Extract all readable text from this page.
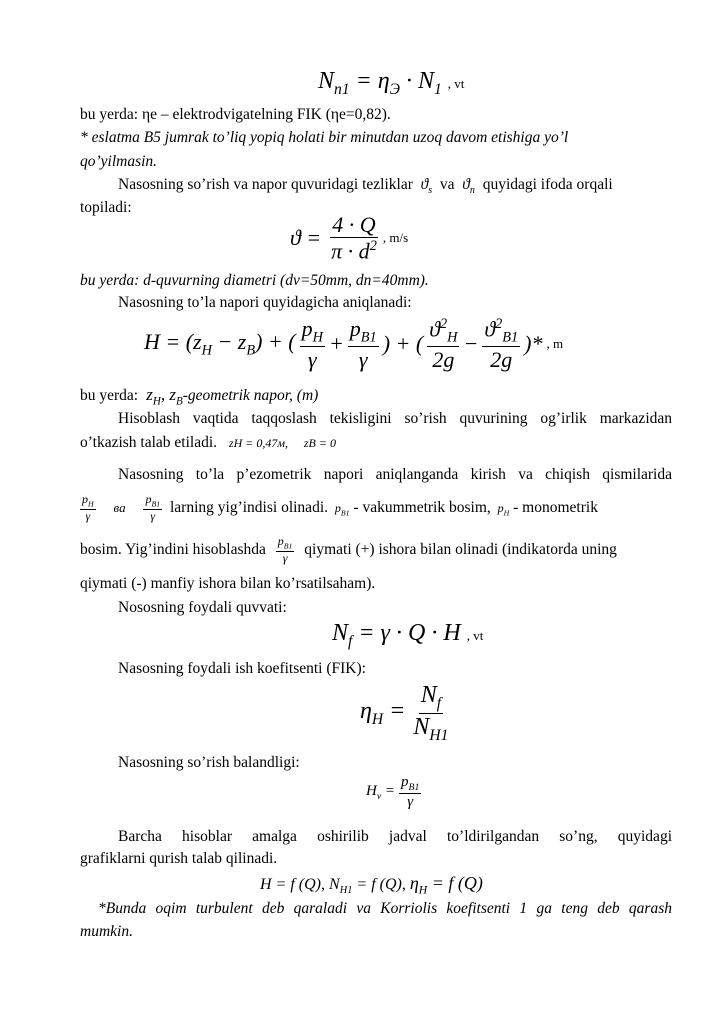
$N_{n1} = \eta_Э \cdot N_1$ , vt
bu yerda: ηe – elektrodvigatelning FIK (ηe=0,82).
* eslatma B5 jumrak to’liq yopiq holati bir minutdan uzoq davom etishiga yo’l
qo’yilmasin.
Nasosning so’rish va napor quvuridagi tezliklar  $ϑ_s$ va  $ϑ_n$ quyidagi ifoda orqali
topiladi:
$ϑ = \frac{4 \cdot Q}{\pi \cdot d^2}$ , m/s
bu yerda: d-quvurning diametri (dv=50mm, dn=40mm).
Nasosning to’la napori quyidagicha aniqlanadi:
$H = (z_H - z_B)$ + ( $\frac{p_H}{\gamma} + \frac{p_{B1}}{\gamma}$ ) + ( $\frac{ϑ^2_H}{2g} - \frac{ϑ^2_{B1}}{2g}$ )* , m
bu yerda:  $z_H$, $z_B$-geometrik napor, (m)
Hisoblash vaqtida taqqoslash tekisligini so’rish quvurining og’irlik markazidan
o’tkazish talab etiladi. zН = 0,47м, zВ = 0
Nasosning to’la p’ezometrik napori aniqlanganda kirish va chiqish qismilarida
$\frac{p_H}{\gamma}$ ва $\frac{p_{B1}}{\gamma}$ larning yig’indisi olinadi.  $p_{B1}$ - vakummetrik bosim,  $p_H$ - monometrik
bosim. Yig’indini hisoblashda $\frac{p_{B1}}{\gamma}$ qiymati (+) ishora bilan olinadi (indikatorda uning
qiymati (-) manfiy ishora bilan ko’rsatilsaham).
Nososning foydali quvvati:
$N_f = \gamma \cdot Q \cdot H$ , vt
Nasosning foydali ish koefitsenti (FIK):
$\eta_H = \frac{N_f}{N_{H1}}$
Nasosning so’rish balandligi:
$H_v = \frac{p_{B1}}{\gamma}$
Barcha hisoblar amalga oshirilib jadval to’ldirilgandan so’ng, quyidagi
grafiklarni qurish talab qilinadi.
H = f (Q), $N_{H1} = f$ (Q), $\eta_H = f$ (Q)
*Bunda oqim turbulent deb qaraladi va Korriolis koefitsenti 1 ga teng deb qarash
mumkin.
